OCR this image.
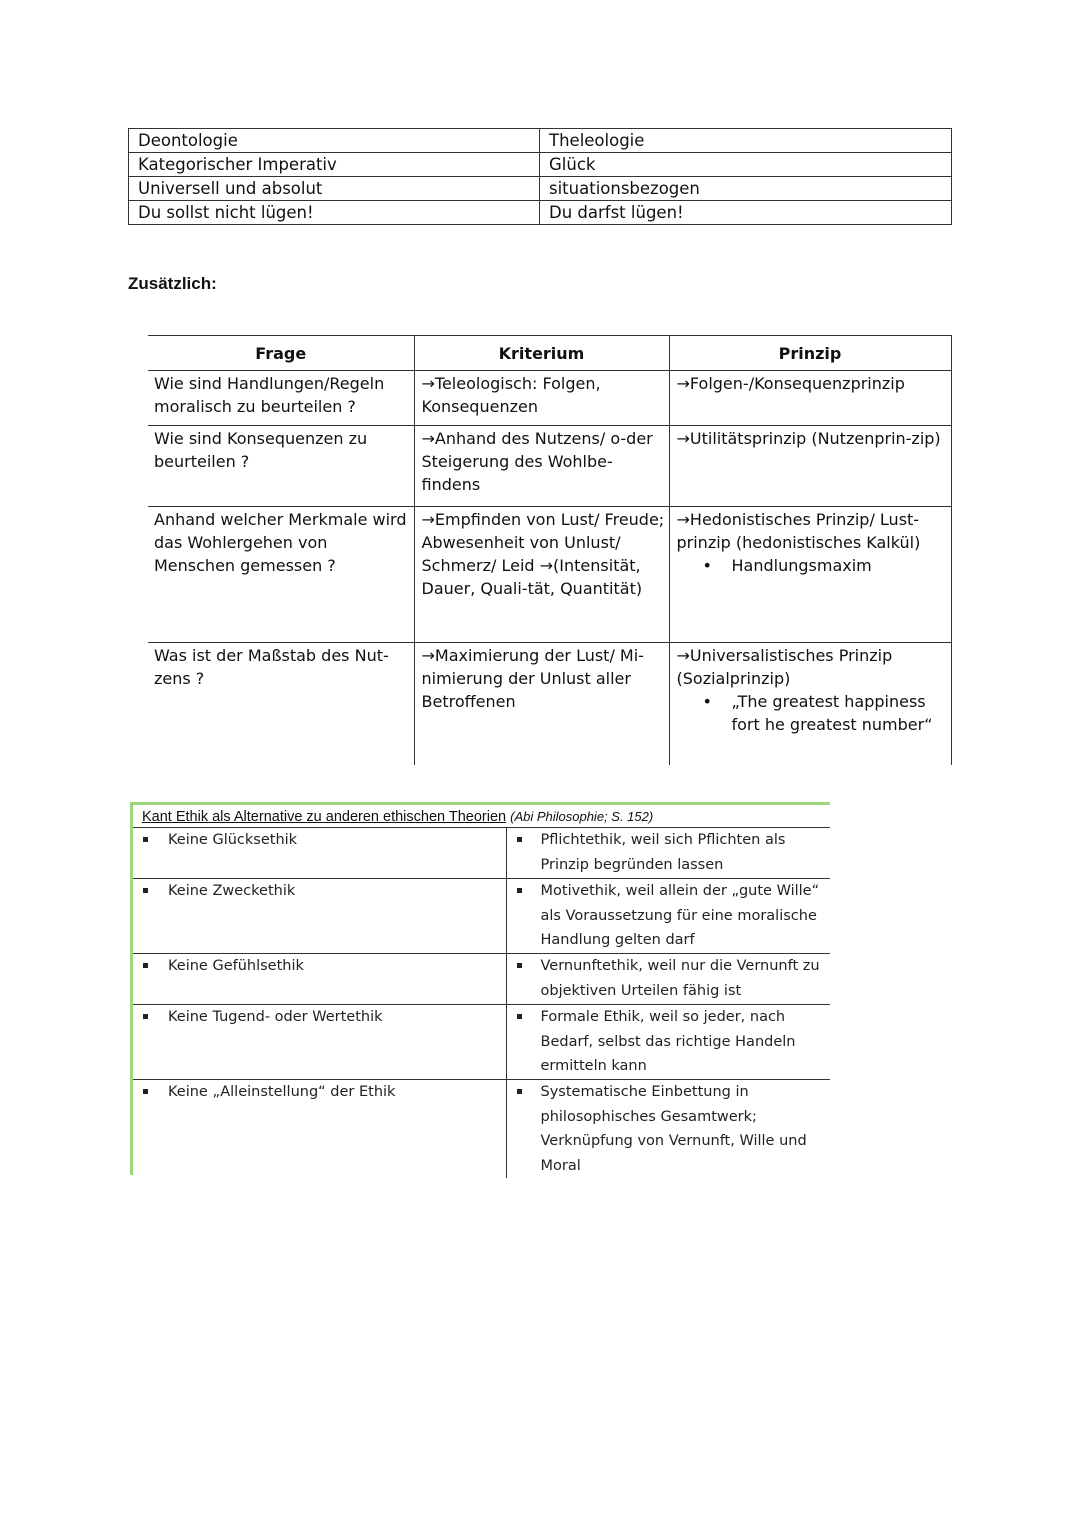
Deontologie	Theleologie
Kategorischer Imperativ	Glück
Universell und absolut	situationsbezogen
Du sollst nicht lügen!	Du darfst lügen!
Zusätzlich:
Frage	Kriterium	Prinzip
Wie sind Handlungen/Regeln moralisch zu beurteilen ?	→Teleologisch: Folgen, Konsequenzen	→Folgen-/Konsequenzprinzip
Wie sind Konsequenzen zu beurteilen ?	→Anhand des Nutzens/ o-der Steigerung des Wohlbe-findens	→Utilitätsprinzip (Nutzenprin-zip)
Anhand welcher Merkmale wird das Wohlergehen von Menschen gemessen ?	→Empfinden von Lust/ Freude; Abwesenheit von Unlust/ Schmerz/ Leid →(Intensität, Dauer, Quali-tät, Quantität)	→Hedonistisches Prinzip/ Lust-prinzip (hedonistisches Kalkül)
• Handlungsmaxim

Was ist der Maßstab des Nut-zens ?	→Maximierung der Lust/ Mi-nimierung der Unlust aller Betroffenen	→Universalistisches Prinzip (Sozialprinzip)
• „The greatest happiness fort he greatest number“
Kant Ethik als Alternative zu anderen ethischen Theorien (Abi Philosophie; S. 152)
Keine Glücksethik	Pflichtethik, weil sich Pflichten als Prinzip begründen lassen

Keine Zweckethik	Motivethik, weil allein der „gute Wille“ als Voraussetzung für eine moralische Handlung gelten darf

Keine Gefühlsethik	Vernunftethik, weil nur die Vernunft zu objektiven Urteilen fähig ist

Keine Tugend- oder Wertethik	Formale Ethik, weil so jeder, nach Bedarf, selbst das richtige Handeln ermitteln kann

Keine „Alleinstellung“ der Ethik	Systematische Einbettung in philosophisches Gesamtwerk; Verknüpfung von Vernunft, Wille und Moral
